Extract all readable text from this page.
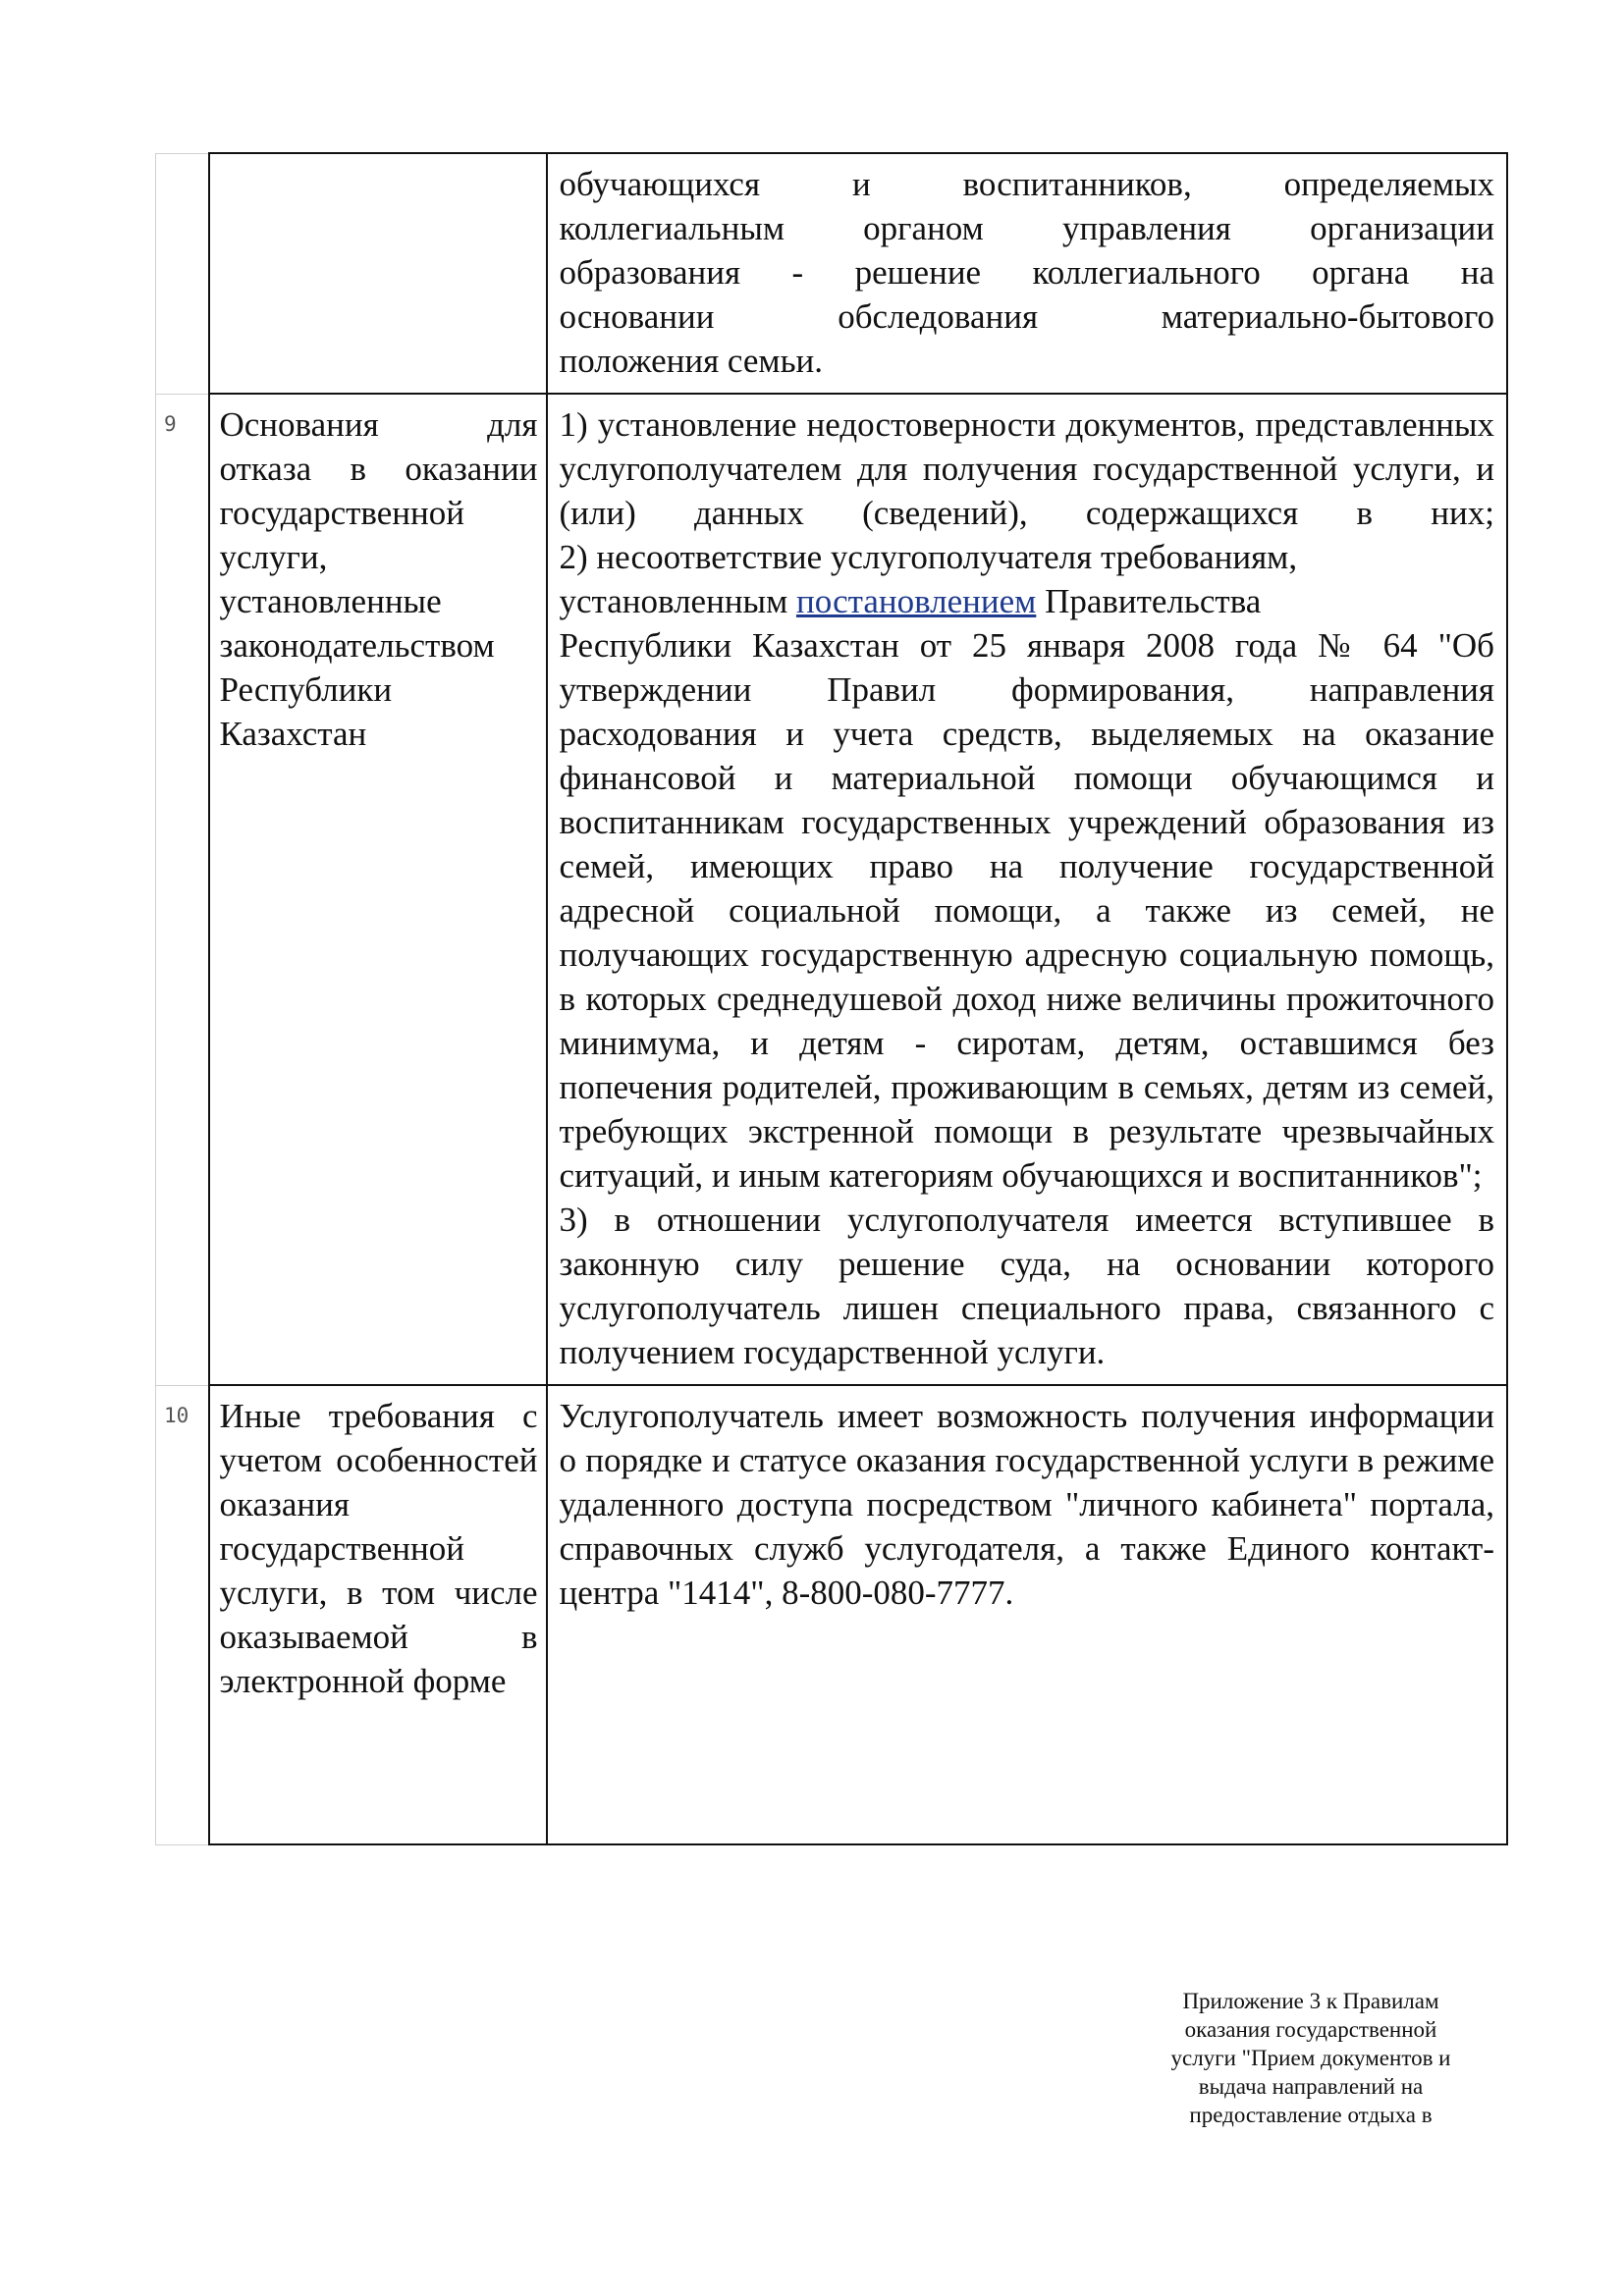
		обучающихся и воспитанников, определяемых
коллегиальным органом управления организации
образования - решение коллегиального органа на
основании обследования материально-бытового
положения семьи.

9	Основания для отказа в оказании государственной услуги, установленные законодательством Республики Казахстан	1) установление недостоверности документов, представленных услугополучателем для получения государственной услуги, и (или) данных (сведений), содержащихся в них;

2) несоответствие услугополучателя требованиям, установленным постановлением Правительства

Республики Казахстан от 25 января 2008 года № 64 "Об утверждении Правил формирования, направления расходования и учета средств, выделяемых на оказание финансовой и материальной помощи обучающимся и воспитанникам государственных учреждений образования из семей, имеющих право на получение государственной адресной социальной помощи, а также из семей, не получающих государственную адресную социальную помощь, в которых среднедушевой доход ниже величины прожиточного минимума, и детям - сиротам, детям, оставшимся без попечения родителей, проживающим в семьях, детям из семей, требующих экстренной помощи в результате чрезвычайных ситуаций, и иным категориям обучающихся и воспитанников";

3) в отношении услугополучателя имеется вступившее в законную силу решение суда, на основании которого услугополучатель лишен специального права, связанного с получением государственной услуги.

10	Иные требования с учетом особенностей оказания государственной услуги, в том числе оказываемой в электронной форме	Услугополучатель имеет возможность получения информации о порядке и статусе оказания государственной услуги в режиме удаленного доступа посредством "личного кабинета" портала, справочных служб услугодателя, а также Единого контакт-центра "1414", 8-800-080-7777.
Приложение 3 к Правилам
оказания государственной
услуги "Прием документов и
выдача направлений на
предоставление отдыха в
